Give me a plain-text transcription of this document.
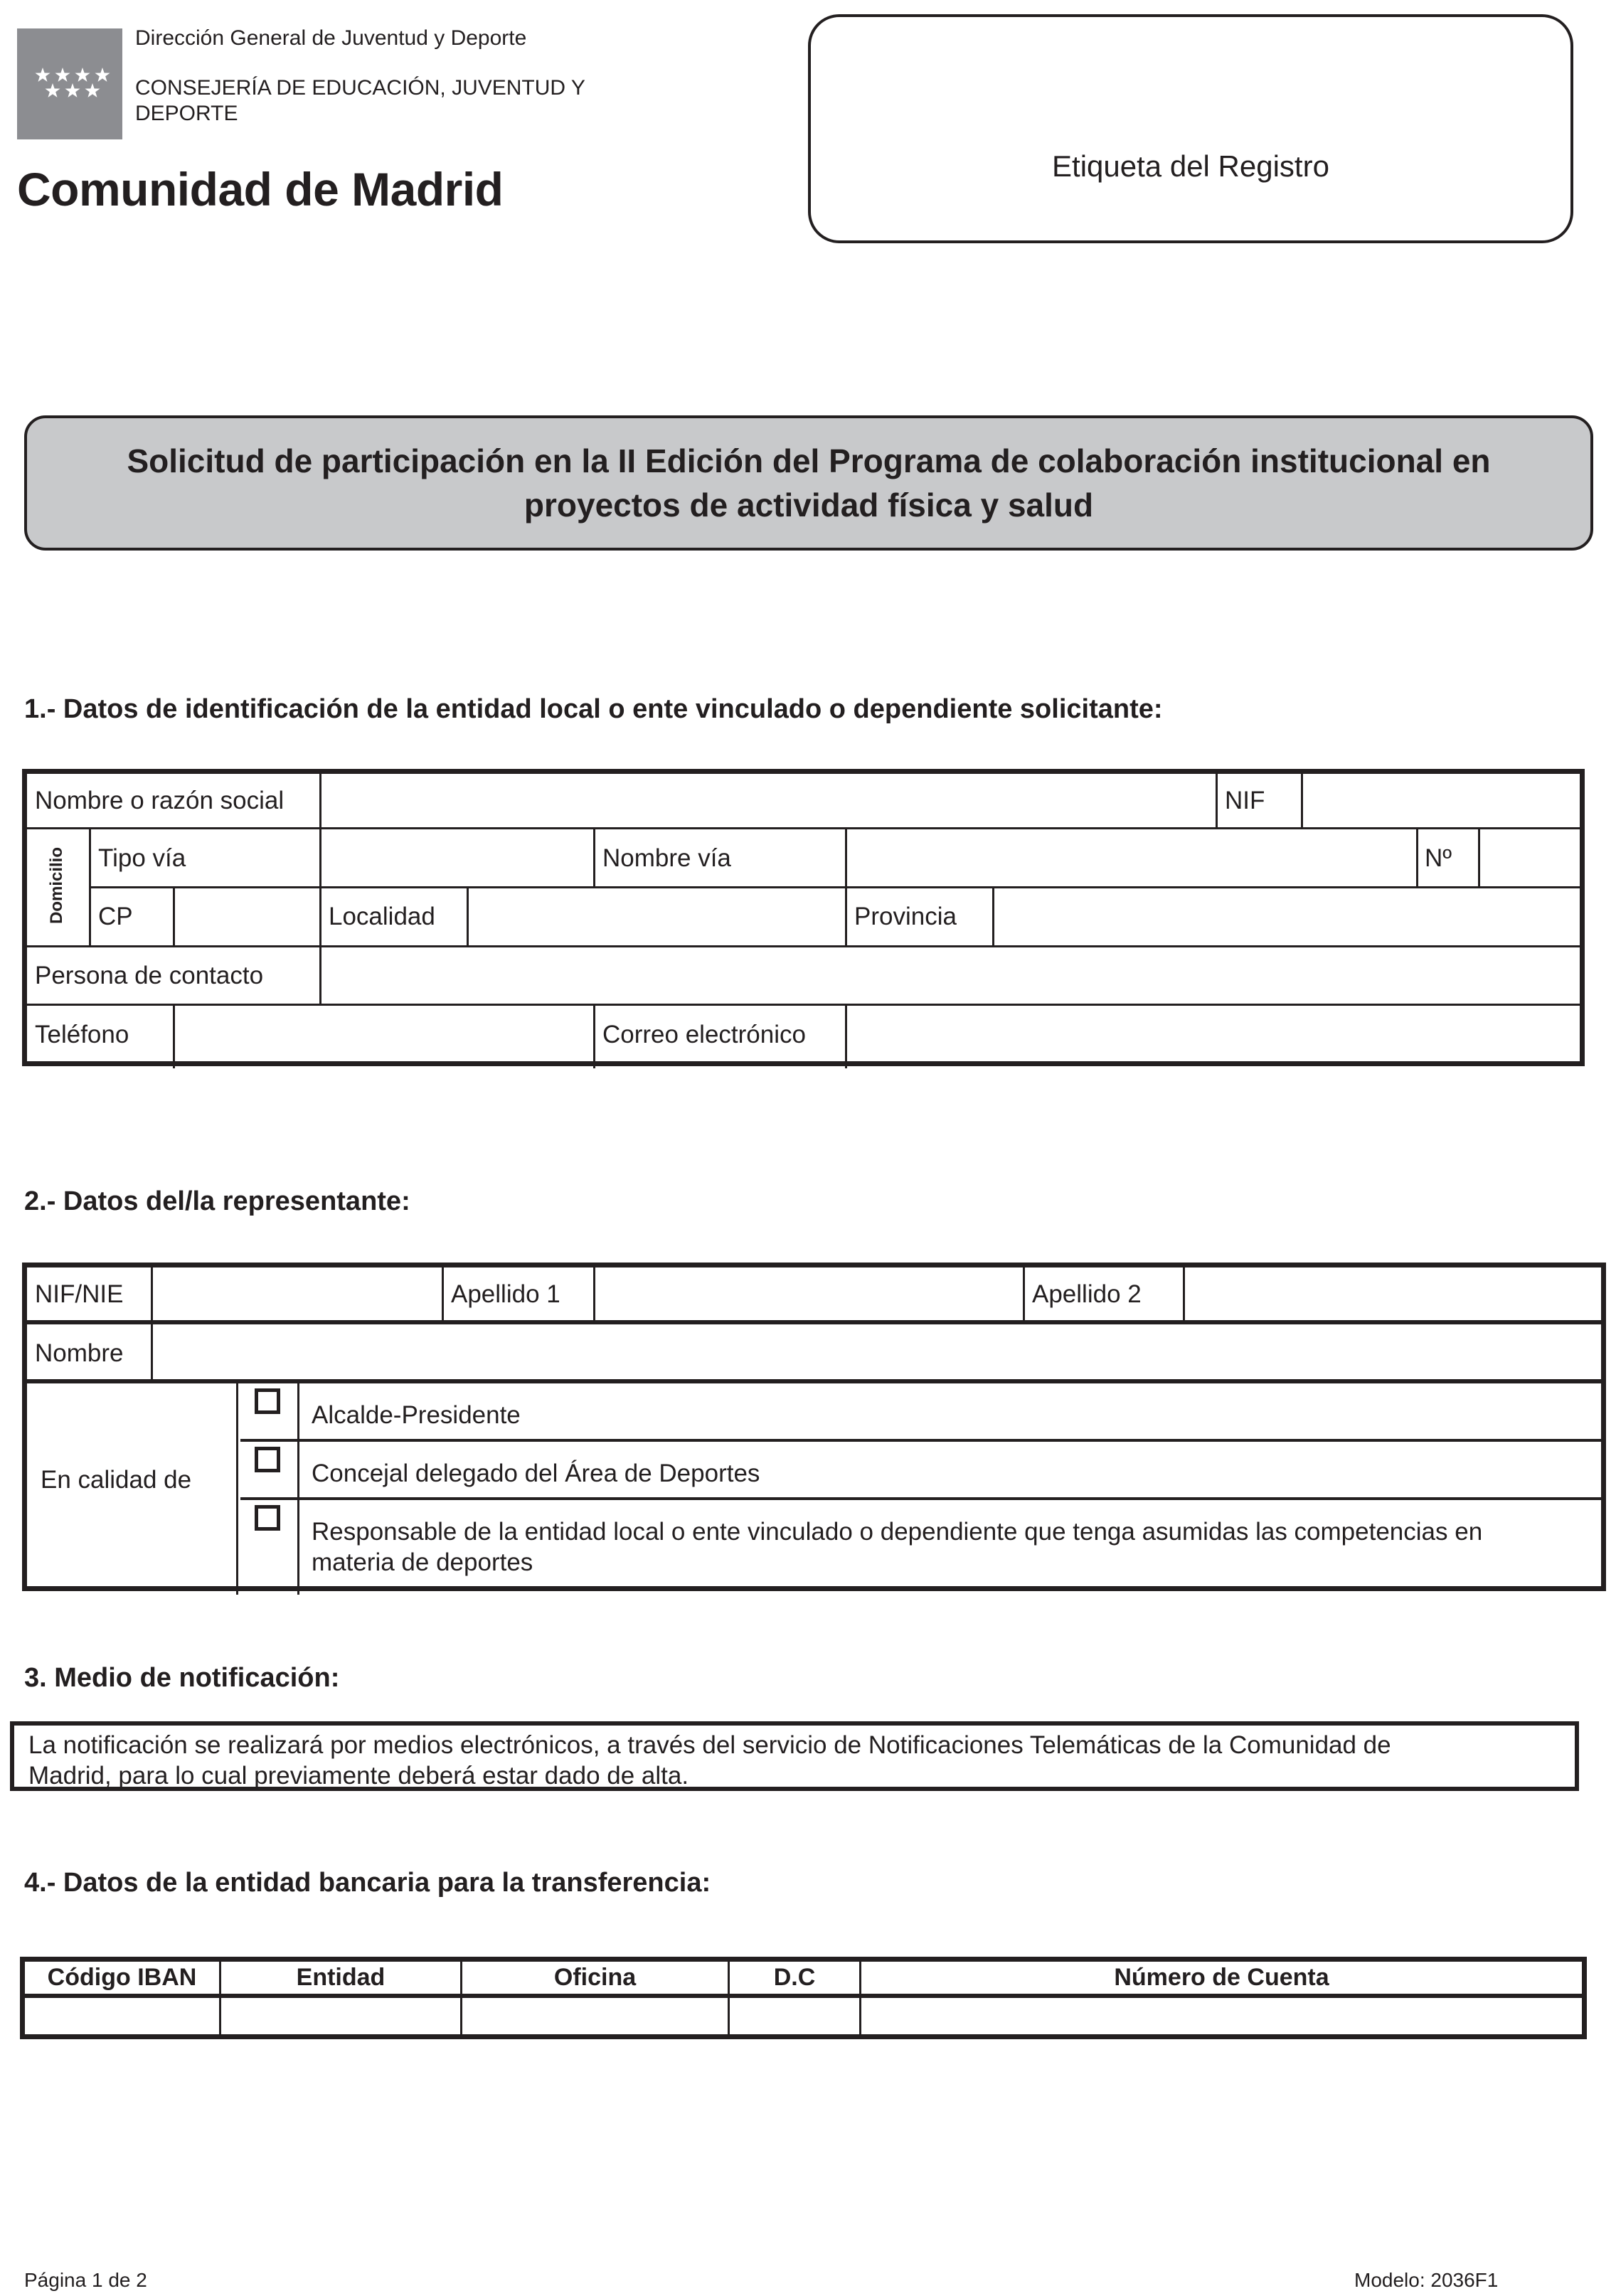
Dirección General de Juventud y Deporte
CONSEJERÍA DE EDUCACIÓN, JUVENTUD Y
DEPORTE
Comunidad de Madrid	Etiqueta del Registro
Solicitud de participación en la II Edición del Programa de colaboración institucional en proyectos de actividad física y salud
1.- Datos de identificación de la entidad local o ente vinculado o dependiente solicitante:
Nombre o razón social	NIF
Domicilio Tipo vía	Nombre vía	Nº
CP	Localidad	Provincia
Persona de contacto
Teléfono	Correo electrónico
2.- Datos del/la representante:
NIF/NIE	Apellido 1	Apellido 2
Nombre
En calidad de
Alcalde-Presidente
Concejal delegado del Área de Deportes
Responsable de la entidad local o ente vinculado o dependiente que tenga asumidas las competencias en
materia de deportes
3. Medio de notificación:

La notificación se realizará por medios electrónicos, a través del servicio de Notificaciones Telemáticas de la Comunidad de
Madrid, para lo cual previamente deberá estar dado de alta.

4.- Datos de la entidad bancaria para la transferencia:
Código IBAN	Entidad	Oficina	D.C	Número de Cuenta
Página 1 de 2	Modelo: 2036F1
